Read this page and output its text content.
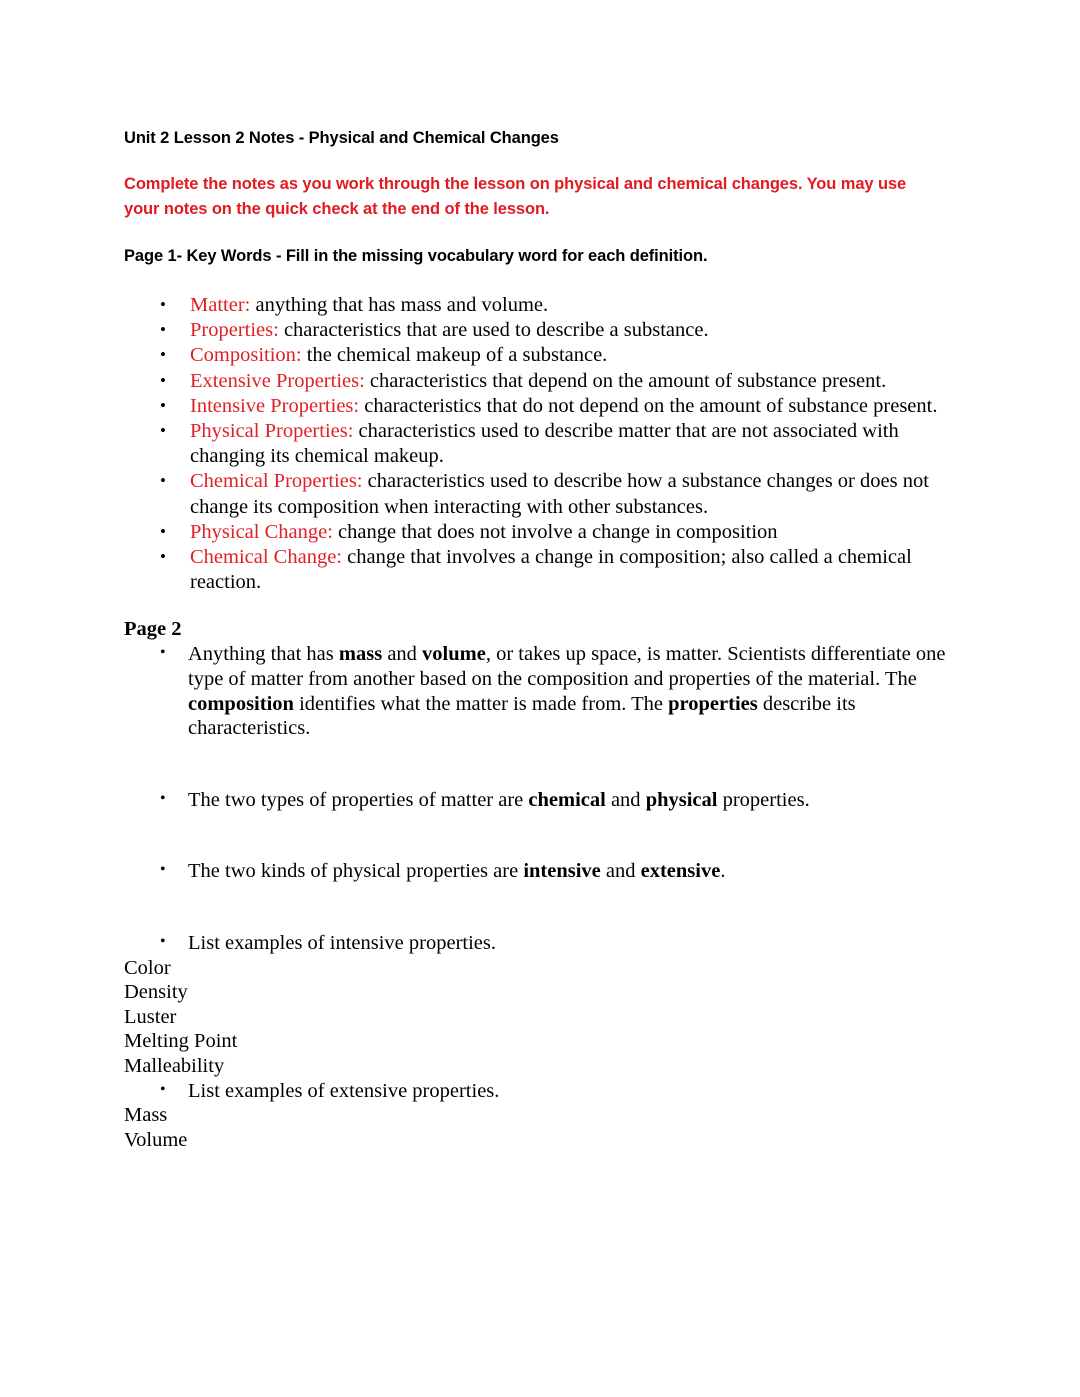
Unit 2 Lesson 2 Notes - Physical and Chemical Changes
Complete the notes as you work through the lesson on physical and chemical changes. You may use your notes on the quick check at the end of the lesson.
Page 1- Key Words - Fill in the missing vocabulary word for each definition.
• Matter: anything that has mass and volume.
• Properties: characteristics that are used to describe a substance.
• Composition: the chemical makeup of a substance.
• Extensive Properties: characteristics that depend on the amount of substance present.
• Intensive Properties: characteristics that do not depend on the amount of substance present.
• Physical Properties: characteristics used to describe matter that are not associated with changing its chemical makeup.
• Chemical Properties: characteristics used to describe how a substance changes or does not change its composition when interacting with other substances.
• Physical Change: change that does not involve a change in composition
• Chemical Change: change that involves a change in composition; also called a chemical reaction.
Page 2
• Anything that has mass and volume, or takes up space, is matter. Scientists differentiate one type of matter from another based on the composition and properties of the material. The composition identifies what the matter is made from. The properties describe its characteristics.
• The two types of properties of matter are chemical and physical properties.
• The two kinds of physical properties are intensive and extensive.
• List examples of intensive properties.
Color
Density
Luster
Melting Point
Malleability
• List examples of extensive properties.
Mass
Volume
